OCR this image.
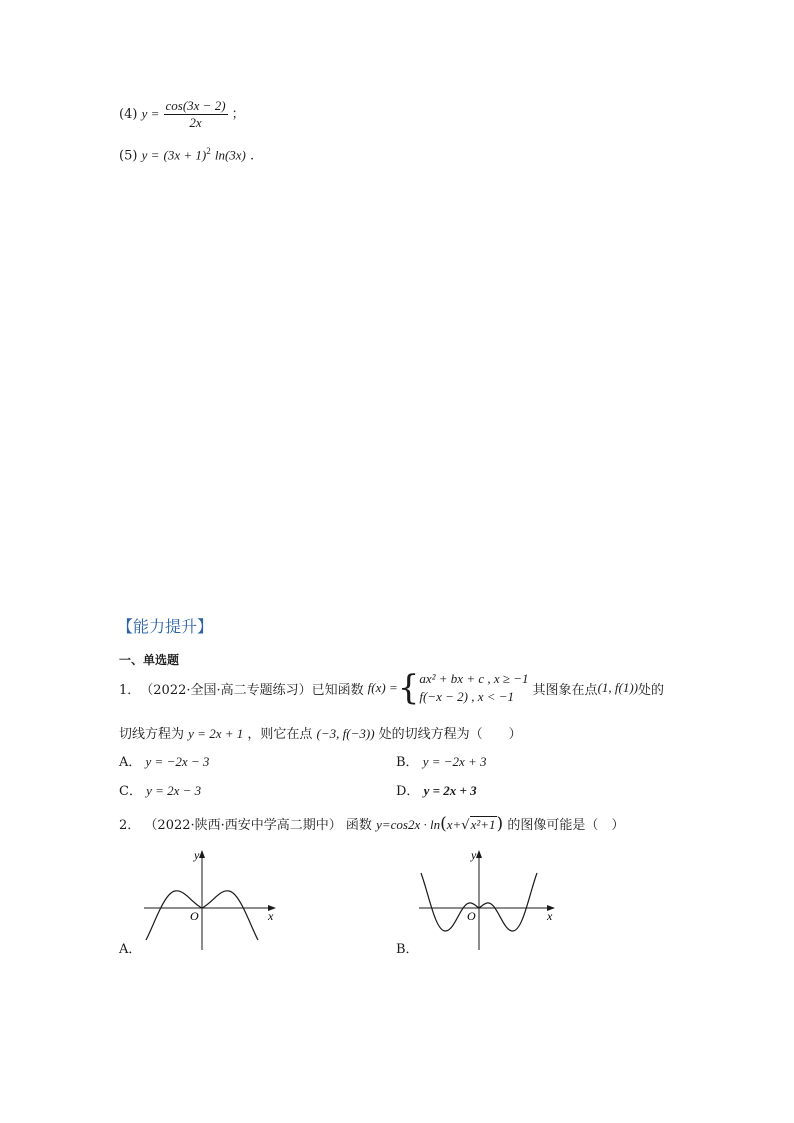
(4) $y = \frac{\cos(3x - 2)}{2x}$ ；
(5) $y = (3x + 1)^2$ ln(3x) .
【能力提升】
一、单选题
1． （2022·全国·高二专题练习） 已知函数 f(x) = { ax² + bx + c , x ≥ −1
f(−x − 2) , x < −1	其图象在点 (1, f(1)) 处的
切线方程为 y = 2x + 1 ，则它在点 (−3, f(−3)) 处的切线方程为（　　）
A． y = −2x − 3	B． y = −2x + 3
C． y = 2x − 3	D． y = 2x + 3
2． （2022·陕西·西安中学高二期中） 函数 y=cos2x · ln(x+√x²+1) 的图像可能是（　）
y
x
O
A．
y
x
O
B．
